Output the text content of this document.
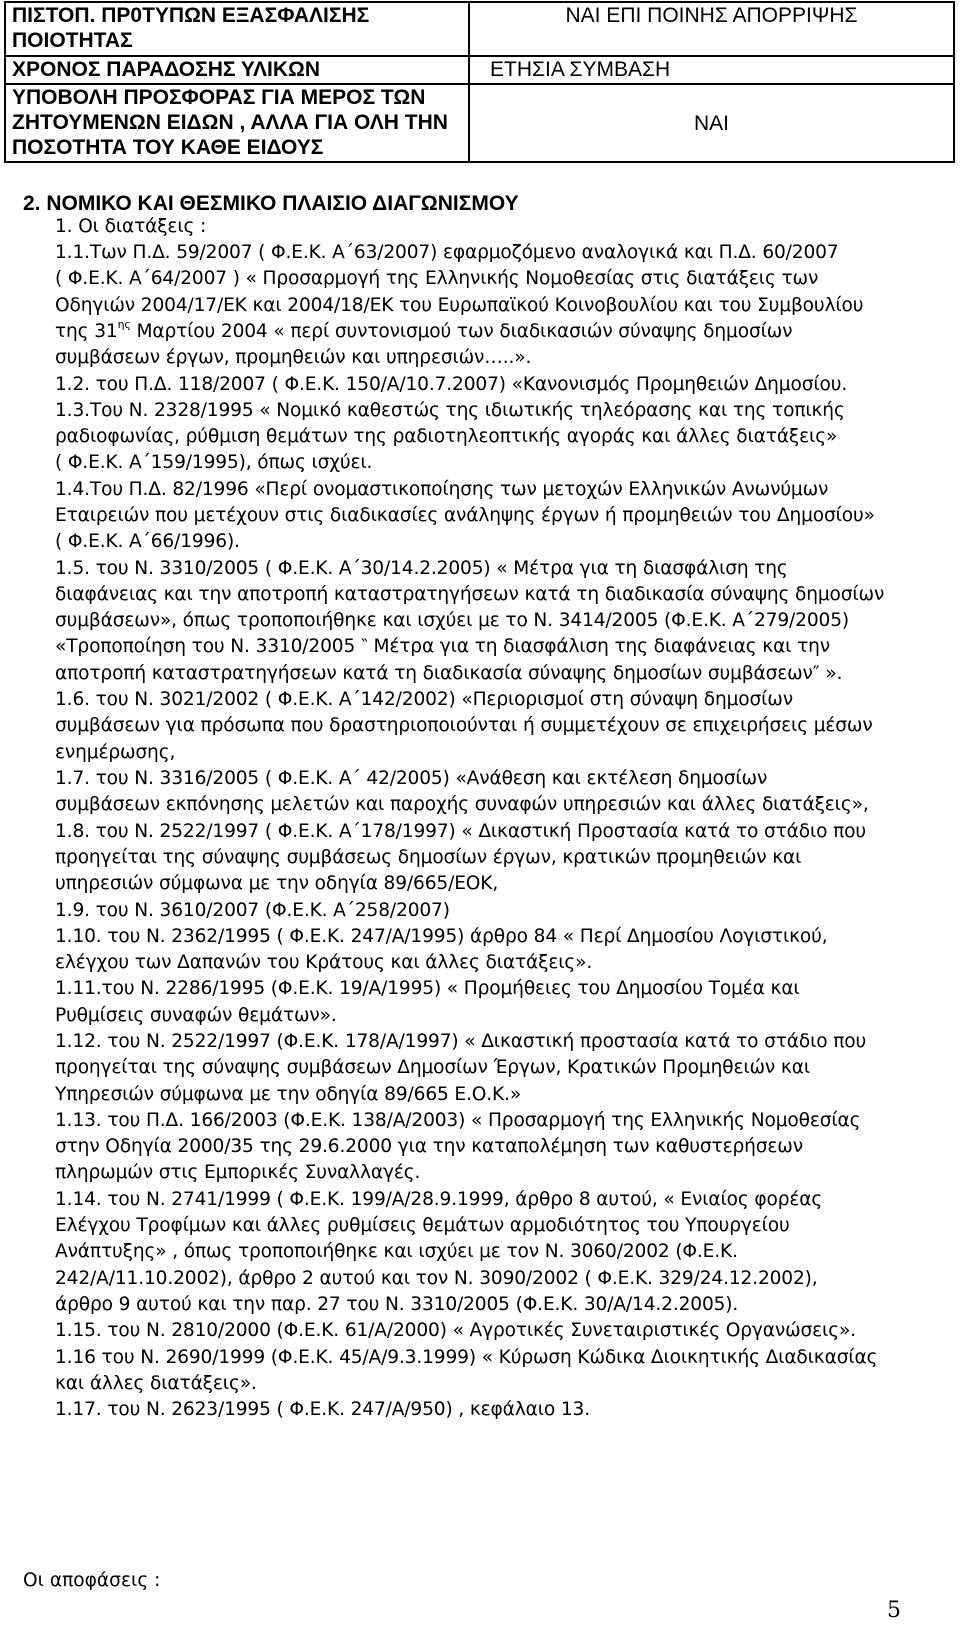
ΠΙΣΤΟΠ. ΠΡ0ΤΥΠΩΝ ΕΞΑΣΦΑΛΙΣΗΣ ΠΟΙΟΤΗΤΑΣ	ΝΑΙ ΕΠΙ ΠΟΙΝΗΣ ΑΠΟΡΡΙΨΗΣ
ΧΡΟΝΟΣ ΠΑΡΑΔΟΣΗΣ ΥΛΙΚΩΝ	ΕΤΗΣΙΑ ΣΥΜΒΑΣΗ
ΥΠΟΒΟΛΗ ΠΡΟΣΦΟΡΑΣ ΓΙΑ ΜΕΡΟΣ ΤΩΝ ΖΗΤΟΥΜΕΝΩΝ ΕΙΔΩΝ , ΑΛΛΑ ΓΙΑ ΟΛΗ ΤΗΝ ΠΟΣΟΤΗΤΑ ΤΟΥ ΚΑΘΕ ΕΙΔΟΥΣ	ΝΑΙ
2. ΝΟΜΙΚΟ ΚΑΙ ΘΕΣΜΙΚΟ ΠΛΑΙΣΙΟ ΔΙΑΓΩΝΙΣΜΟΥ
1. Οι διατάξεις :
1.1.Των Π.Δ. 59/2007 ( Φ.Ε.Κ. Α΄63/2007) εφαρμοζόμενο αναλογικά και Π.Δ. 60/2007
( Φ.Ε.Κ. Α΄64/2007 ) « Προσαρμογή της Ελληνικής Νομοθεσίας στις διατάξεις των
Οδηγιών 2004/17/ΕΚ και 2004/18/ΕΚ του Ευρωπαϊκού Κοινοβουλίου και του Συμβουλίου
της $31^{\eta\varsigma}$ Μαρτίου 2004 « περί συντονισμού των διαδικασιών σύναψης δημοσίων
συμβάσεων έργων, προμηθειών και υπηρεσιών…..».
1.2. του Π.Δ. 118/2007 ( Φ.Ε.Κ. 150/Α/10.7.2007) «Κανονισμός Προμηθειών Δημοσίου.
1.3.Του Ν. 2328/1995 « Νομικό καθεστώς της ιδιωτικής τηλεόρασης και της τοπικής
ραδιοφωνίας, ρύθμιση θεμάτων της ραδιοτηλεοπτικής αγοράς και άλλες διατάξεις»
( Φ.Ε.Κ. Α΄159/1995), όπως ισχύει.
1.4.Του Π.Δ. 82/1996 «Περί ονομαστικοποίησης των μετοχών Ελληνικών Ανωνύμων
Εταιρειών που μετέχουν στις διαδικασίες ανάληψης έργων ή προμηθειών του Δημοσίου»
( Φ.Ε.Κ. Α΄66/1996).
1.5. του Ν. 3310/2005 ( Φ.Ε.Κ. Α΄30/14.2.2005) « Μέτρα για τη διασφάλιση της
διαφάνειας και την αποτροπή καταστρατηγήσεων κατά τη διαδικασία σύναψης δημοσίων
συμβάσεων», όπως τροποποιήθηκε και ισχύει με το Ν. 3414/2005 (Φ.Ε.Κ. Α΄279/2005)
«Τροποποίηση του Ν. 3310/2005 ‶ Μέτρα για τη διασφάλιση της διαφάνειας και την
αποτροπή καταστρατηγήσεων κατά τη διαδικασία σύναψης δημοσίων συμβάσεων″ ».
1.6. του Ν. 3021/2002 ( Φ.Ε.Κ. Α΄142/2002) «Περιορισμοί στη σύναψη δημοσίων
συμβάσεων για πρόσωπα που δραστηριοποιούνται ή συμμετέχουν σε επιχειρήσεις μέσων
ενημέρωσης,
1.7. του Ν. 3316/2005 ( Φ.Ε.Κ. Α΄ 42/2005) «Ανάθεση και εκτέλεση δημοσίων
συμβάσεων εκπόνησης μελετών και παροχής συναφών υπηρεσιών και άλλες διατάξεις»,
1.8. του Ν. 2522/1997 ( Φ.Ε.Κ. Α΄178/1997) « Δικαστική Προστασία κατά το στάδιο που
προηγείται της σύναψης συμβάσεως δημοσίων έργων, κρατικών προμηθειών και
υπηρεσιών σύμφωνα με την οδηγία 89/665/ΕΟΚ,
1.9. του Ν. 3610/2007 (Φ.Ε.Κ. Α΄258/2007)
1.10. του Ν. 2362/1995 ( Φ.Ε.Κ. 247/Α/1995) άρθρο 84 « Περί Δημοσίου Λογιστικού,
ελέγχου των Δαπανών του Κράτους και άλλες διατάξεις».
1.11.του Ν. 2286/1995 (Φ.Ε.Κ. 19/Α/1995) « Προμήθειες του Δημοσίου Τομέα και
Ρυθμίσεις συναφών θεμάτων».
1.12. του Ν. 2522/1997 (Φ.Ε.Κ. 178/Α/1997) « Δικαστική προστασία κατά το στάδιο που
προηγείται της σύναψης συμβάσεων Δημοσίων Έργων, Κρατικών Προμηθειών και
Υπηρεσιών σύμφωνα με την οδηγία 89/665 Ε.Ο.Κ.»
1.13. του Π.Δ. 166/2003 (Φ.Ε.Κ. 138/Α/2003) « Προσαρμογή της Ελληνικής Νομοθεσίας
στην Οδηγία 2000/35 της 29.6.2000 για την καταπολέμηση των καθυστερήσεων
πληρωμών στις Εμπορικές Συναλλαγές.
1.14. του Ν. 2741/1999 ( Φ.Ε.Κ. 199/Α/28.9.1999, άρθρο 8 αυτού, « Ενιαίος φορέας
Ελέγχου Τροφίμων και άλλες ρυθμίσεις θεμάτων αρμοδιότητος του Υπουργείου
Ανάπτυξης» , όπως τροποποιήθηκε και ισχύει με τον Ν. 3060/2002 (Φ.Ε.Κ.
242/Α/11.10.2002), άρθρο 2 αυτού και τον Ν. 3090/2002 ( Φ.Ε.Κ. 329/24.12.2002),
άρθρο 9 αυτού και την παρ. 27 του Ν. 3310/2005 (Φ.Ε.Κ. 30/Α/14.2.2005).
1.15. του Ν. 2810/2000 (Φ.Ε.Κ. 61/Α/2000) « Αγροτικές Συνεταιριστικές Οργανώσεις».
1.16 του Ν. 2690/1999 (Φ.Ε.Κ. 45/Α/9.3.1999) « Κύρωση Κώδικα Διοικητικής Διαδικασίας
και άλλες διατάξεις».
1.17. του Ν. 2623/1995 ( Φ.Ε.Κ. 247/Α/950) , κεφάλαιο 13.
Οι αποφάσεις :
5
